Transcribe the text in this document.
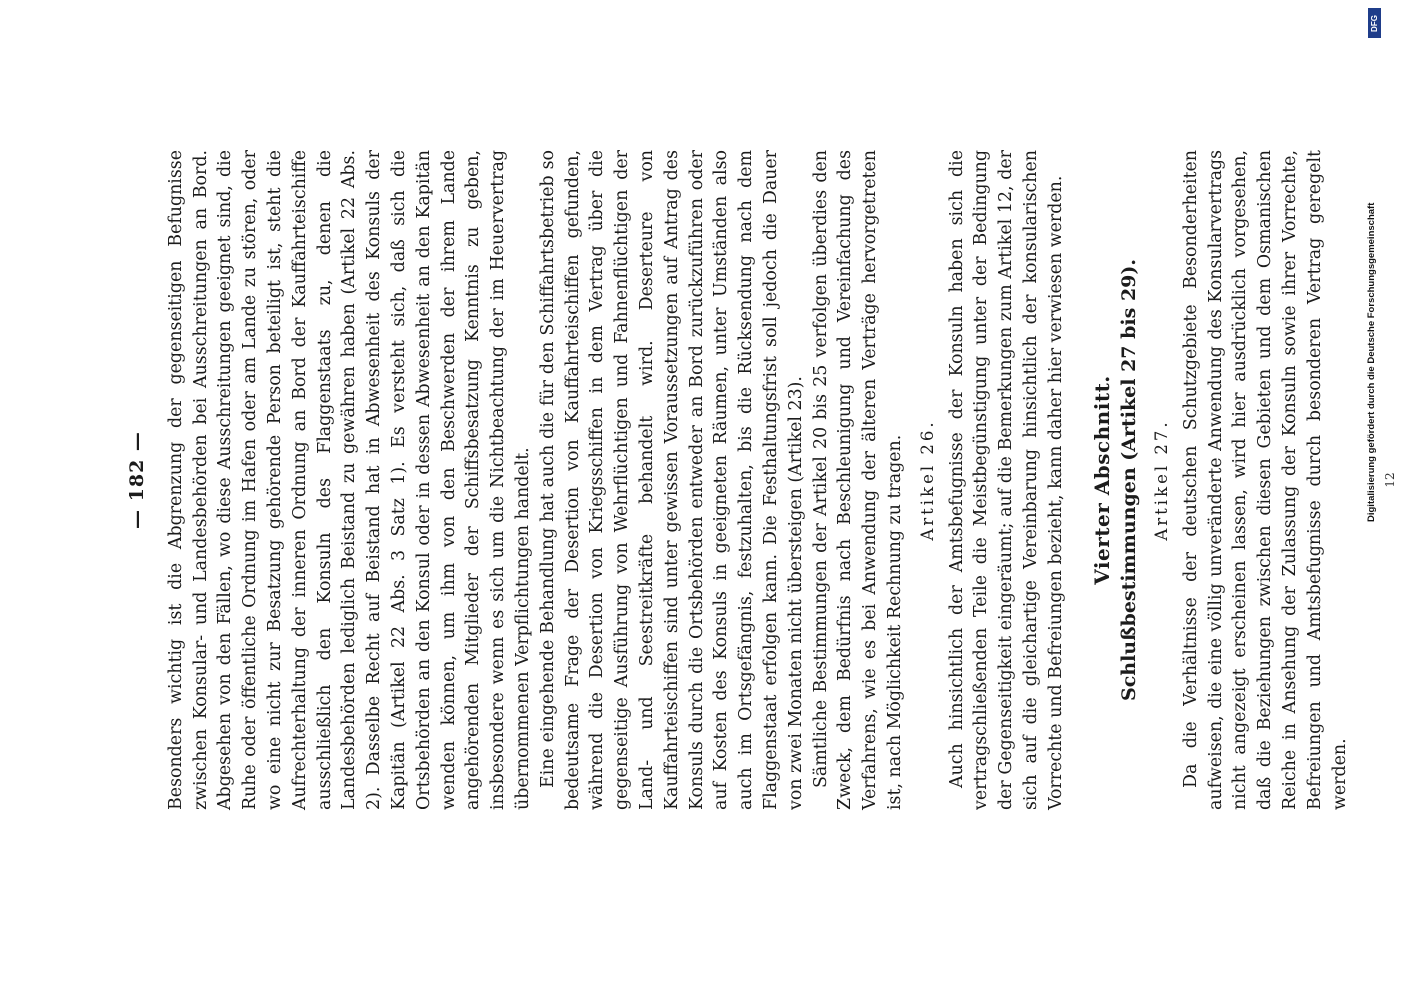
— 182 — Besonders wichtig ist die Abgrenzung der gegenseitigen Befugnisse zwischen Konsular- und Landesbehörden bei Ausschreitungen an Bord. Abgesehen von den Fällen, wo diese Ausschreitungen geeignet sind, die Ruhe oder öffentliche Ordnung im Hafen oder am Lande zu stören, oder wo eine nicht zur Besatzung gehörende Person beteiligt ist, steht die Aufrechterhaltung der inneren Ordnung an Bord der Kauffahrteischiffe ausschließlich den Konsuln des Flaggenstaats zu, denen die Landesbehörden lediglich Beistand zu gewähren haben (Artikel 22 Abs. 2). Dasselbe Recht auf Beistand hat in Abwesenheit des Konsuls der Kapitän (Artikel 22 Abs. 3 Satz 1). Es versteht sich, daß sich die Ortsbehörden an den Konsul oder in dessen Abwesenheit an den Kapitän wenden können, um ihm von den Beschwerden der ihrem Lande angehörenden Mitglieder der Schiffsbesatzung Kenntnis zu geben, insbesondere wenn es sich um die Nichtbeachtung der im Heuervertrag übernommenen Verpflichtungen handelt. Eine eingehende Behandlung hat auch die für den Schiffahrtsbetrieb so bedeutsame Frage der Desertion von Kauffahrteischiffen gefunden, während die Desertion von Kriegsschiffen in dem Vertrag über die gegenseitige Ausführung von Wehrflüchtigen und Fahnenflüchtigen der Land- und Seestreitkräfte behandelt wird. Deserteure von Kauffahrteischiffen sind unter gewissen Voraussetzungen auf Antrag des Konsuls durch die Ortsbehörden entweder an Bord zurückzuführen oder auf Kosten des Konsuls in geeigneten Räumen, unter Umständen also auch im Ortsgefängnis, festzuhalten, bis die Rücksendung nach dem Flaggenstaat erfolgen kann. Die Festhaltungsfrist soll jedoch die Dauer von zwei Monaten nicht übersteigen (Artikel 23). Sämtliche Bestimmungen der Artikel 20 bis 25 verfolgen überdies den Zweck, dem Bedürfnis nach Beschleunigung und Vereinfachung des Verfahrens, wie es bei Anwendung der älteren Verträge hervorgetreten ist, nach Möglichkeit Rechnung zu tragen. Artikel 26. Auch hinsichtlich der Amtsbefugnisse der Konsuln haben sich die vertragschließenden Teile die Meistbegünstigung unter der Bedingung der Gegenseitigkeit eingeräumt; auf die Bemerkungen zum Artikel 12, der sich auf die gleichartige Vereinbarung hinsichtlich der konsularischen Vorrechte und Befreiungen bezieht, kann daher hier verwiesen werden. Vierter Abschnitt. Schlußbestimmungen (Artikel 27 bis 29). Artikel 27. Da die Verhältnisse der deutschen Schutzgebiete Besonderheiten aufweisen, die eine völlig unveränderte Anwendung des Konsularvertrags nicht angezeigt erscheinen lassen, wird hier ausdrücklich vorgesehen, daß die Beziehungen zwischen diesen Gebieten und dem Osmanischen Reiche in Ansehung der Zulassung der Konsuln sowie ihrer Vorrechte, Befreiungen und Amtsbefugnisse durch besonderen Vertrag geregelt werden.

12
DFG
Digitalisierung gefördert durch die Deutsche Forschungsgemeinschaft
